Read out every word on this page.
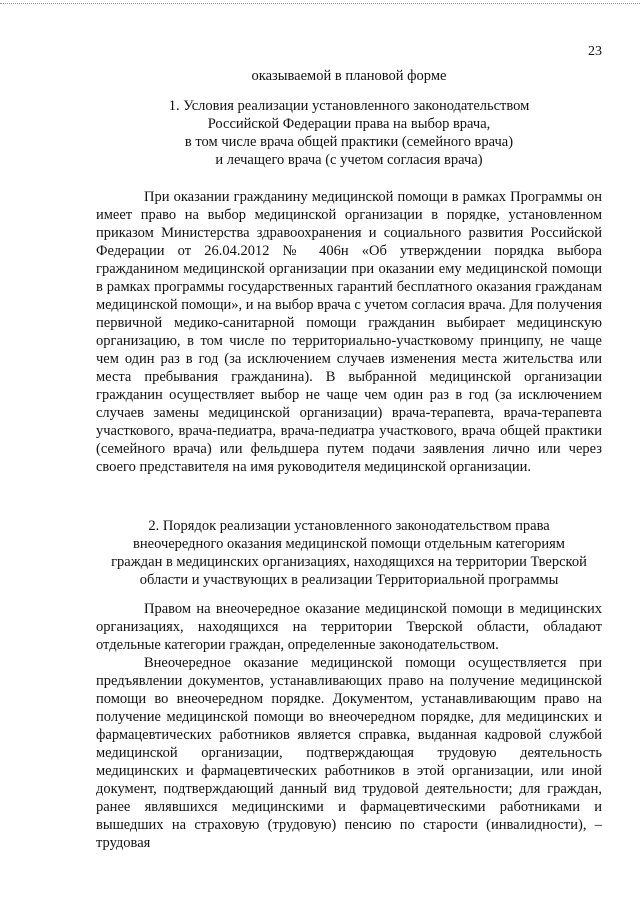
23
оказываемой в плановой форме
1. Условия реализации установленного законодательством
Российской Федерации права на выбор врача,
в том числе врача общей практики (семейного врача)
и лечащего врача (с учетом согласия врача)

При оказании гражданину медицинской помощи в рамках Программы он имеет право на выбор медицинской организации в порядке, установленном приказом Министерства здравоохранения и социального развития Российской Федерации от 26.04.2012 № 406н «Об утверждении порядка выбора гражданином медицинской организации при оказании ему медицинской помощи в рамках программы государственных гарантий бесплатного оказания гражданам медицинской помощи», и на выбор врача с учетом согласия врача. Для получения первичной медико-санитарной помощи гражданин выбирает медицинскую организацию, в том числе по территориально-участковому принципу, не чаще чем один раз в год (за исключением случаев изменения места жительства или места пребывания гражданина). В выбранной медицинской организации гражданин осуществляет выбор не чаще чем один раз в год (за исключением случаев замены медицинской организации) врача-терапевта, врача-терапевта участкового, врача-педиатра, врача-педиатра участкового, врача общей практики (семейного врача) или фельдшера путем подачи заявления лично или через своего представителя на имя руководителя медицинской организации.

2. Порядок реализации установленного законодательством права
внеочередного оказания медицинской помощи отдельным категориям
граждан в медицинских организациях, находящихся на территории Тверской
области и участвующих в реализации Территориальной программы

Правом на внеочередное оказание медицинской помощи в медицинских организациях, находящихся на территории Тверской области, обладают отдельные категории граждан, определенные законодательством.

Внеочередное оказание медицинской помощи осуществляется при предъявлении документов, устанавливающих право на получение медицинской помощи во внеочередном порядке. Документом, устанавливающим право на получение медицинской помощи во внеочередном порядке, для медицинских и фармацевтических работников является справка, выданная кадровой службой медицинской организации, подтверждающая трудовую деятельность медицинских и фармацевтических работников в этой организации, или иной документ, подтверждающий данный вид трудовой деятельности; для граждан, ранее являвшихся медицинскими и фармацевтическими работниками и вышедших на страховую (трудовую) пенсию по старости (инвалидности), – трудовая
